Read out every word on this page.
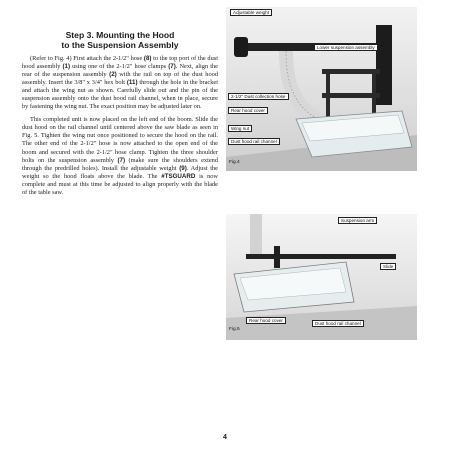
Step 3. Mounting the Hood
to the Suspension Assembly

(Refer to Fig. 4) First attach the 2-1/2" hose (8) to the top port of the dust hood assembly (1) using one of the 2-1/2" hose clamps (7). Next, align the rear of the suspension assembly (2) with the rail on top of the dust hood assembly. Insert the 3/8" x 3/4" hex bolt (11) through the hole in the bracket and attach the wing nut as shown. Carefully slide out and the pin of the suspension assembly onto the dust hood rail channel, when in place, secure by fastening the wing nut. The exact position may be adjusted later on.

This completed unit is now placed on the left end of the boom. Slide the dust hood on the rail channel until centered above the saw blade as seen in Fig. 5. Tighten the wing nut once positioned to secure the hood on the rail. The other end of the 2-1/2" hose is now attached to the open end of the boom and secured with the 2-1/2" hose clamp. Tighten the three shoulder bolts on the suspension assembly (7) (make sure the shoulders extend through the predrilled holes). Install the adjustable weight (9). Adjust the weight so the hood floats above the blade. The #TSGUARD is now complete and must at this time be adjusted to align properly with the blade of the table saw.

Adjustable weight
Lower suspension assembly
2-1/2" Dust collection hose
Rear hood cover
Wing nut
Dust hood rail channel
Fig.4
Suspension arm
Slide
Rear hood cover
Dust hood rail channel
Fig.5
4
